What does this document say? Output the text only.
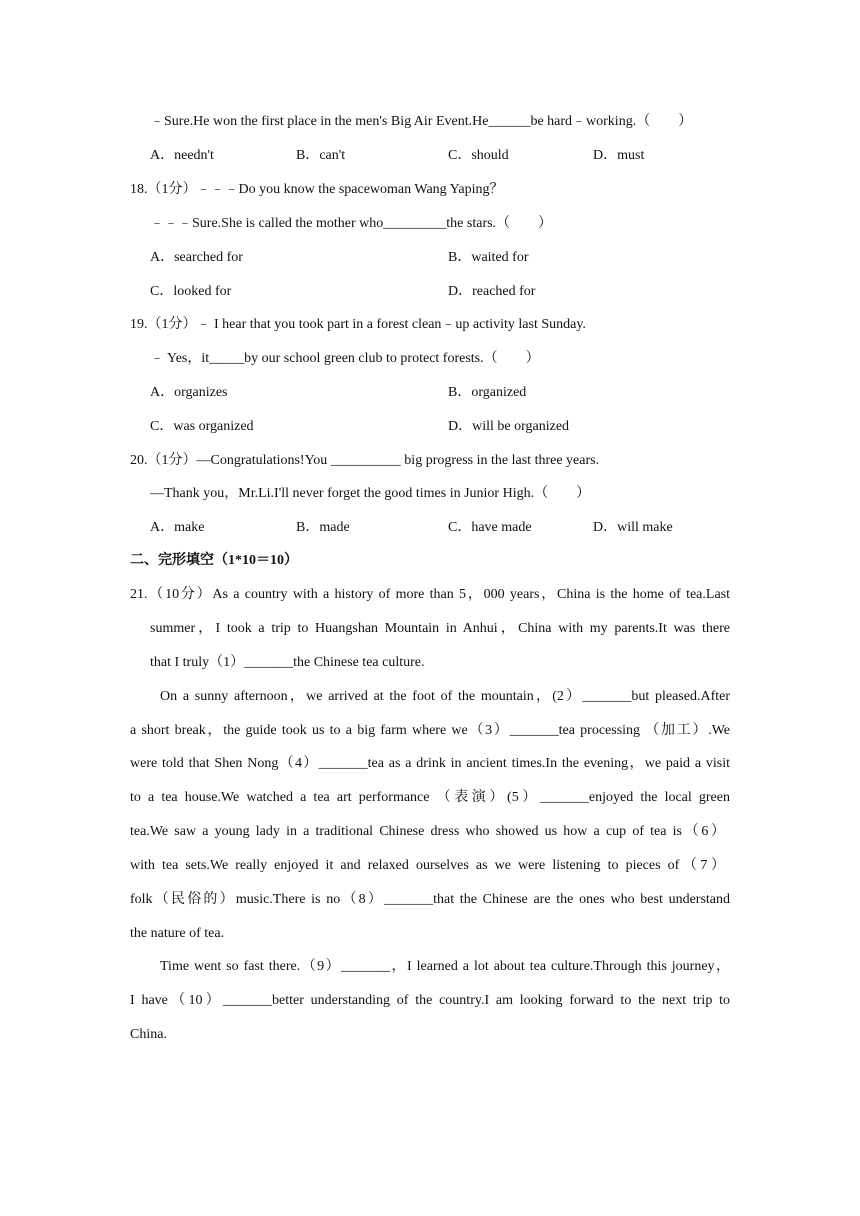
﹣Sure.He won the first place in the men's Big Air Event.He______be hard﹣working.（　　）
A．needn't	B．can't	C．should	D．must
18.（1分）﹣﹣﹣Do you know the spacewoman Wang Yaping？
﹣﹣﹣Sure.She is called the mother who_________the stars.（　　）
A．searched for	B．waited for
C．looked for	D．reached for
19.（1分）﹣ I hear that you took part in a forest clean﹣up activity last Sunday.
﹣ Yes，it_____by our school green club to protect forests.（　　）
A．organizes	B．organized
C．was organized	D．will be organized
20.（1分）—Congratulations!You __________ big progress in the last three years.
—Thank you，Mr.Li.I'll never forget the good times in Junior High.（　　）
A．make	B．made	C．have made	D．will make
二、完形填空（1*10＝10）
21.（10分）As a country with a history of more than 5，000 years，China is the home of tea.Last
summer，I took a trip to Huangshan Mountain in Anhui，China with my parents.It was there
that I truly（1）_______the Chinese tea culture.
On a sunny afternoon，we arrived at the foot of the mountain，(2）_______but pleased.After
a short break，the guide took us to a big farm where we（3）_______tea processing （加工）.We
were told that Shen Nong（4）_______tea as a drink in ancient times.In the evening，we paid a visit
to a tea house.We watched a tea art performance （表演）(5）_______enjoyed the local green
tea.We saw a young lady in a traditional Chinese dress who showed us how a cup of tea is（6）
with tea sets.We really enjoyed it and relaxed ourselves as we were listening to pieces of（7）
folk（民俗的）music.There is no（8）_______that the Chinese are the ones who best understand
the nature of tea.
Time went so fast there.（9）_______，I learned a lot about tea culture.Through this journey，
I have（10）_______better understanding of the country.I am looking forward to the next trip to
China.
